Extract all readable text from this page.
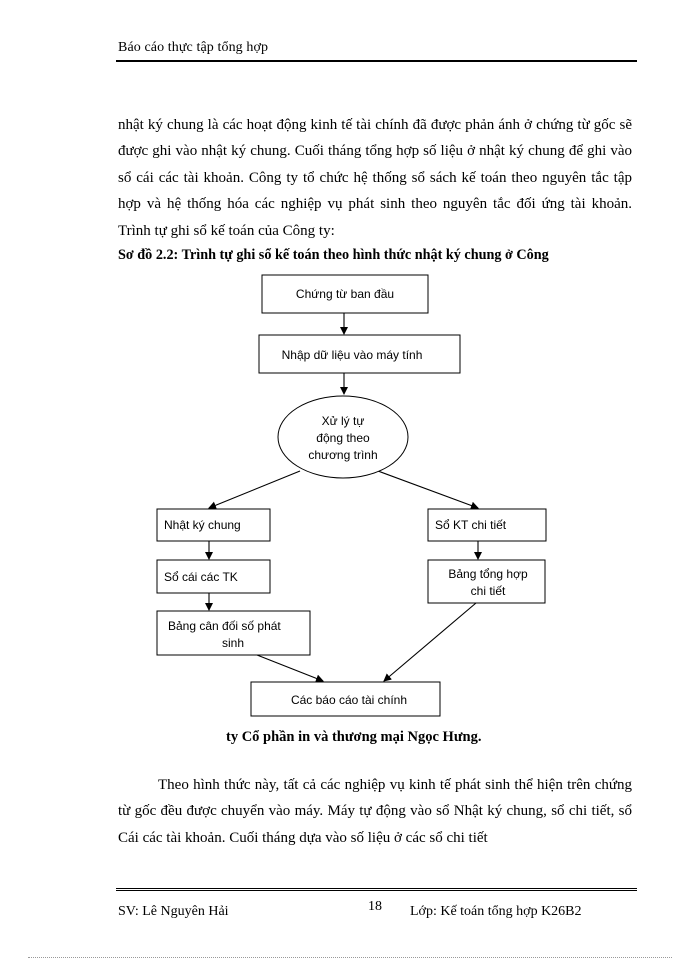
Báo cáo thực tập tổng hợp
nhật ký chung là các hoạt động kinh tế tài chính đã được phản ánh ở chứng từ gốc sẽ được ghi vào nhật ký chung. Cuối tháng tổng hợp số liệu ở nhật ký chung để ghi vào sổ cái các tài khoản. Công ty tổ chức hệ thống sổ sách kế toán theo nguyên tắc tập hợp và hệ thống hóa các nghiệp vụ phát sinh theo nguyên tắc đối ứng tài khoản. Trình tự ghi sổ kế toán của Công ty:
Sơ đồ 2.2: Trình tự ghi sổ kế toán theo hình thức nhật ký chung ở Công
Chứng từ ban đầu
Nhập dữ liệu vào máy tính
Xử lý tự
động theo
chương trình
Nhật ký chung	Sổ KT chi tiết
Sổ cái các TK	Bảng tổng hợp
chi tiết
Bảng cân đối số phát
sinh
Các báo cáo tài chính
ty Cổ phần in và thương mại Ngọc Hưng.
Theo hình thức này, tất cả các nghiệp vụ kinh tế phát sinh thể hiện trên chứng từ gốc đều được chuyển vào máy. Máy tự động vào sổ Nhật ký chung, sổ chi tiết, sổ Cái các tài khoản. Cuối tháng dựa vào số liệu ở các sổ chi tiết
SV: Lê Nguyên Hải	18 Lớp: Kế toán tổng hợp K26B2
